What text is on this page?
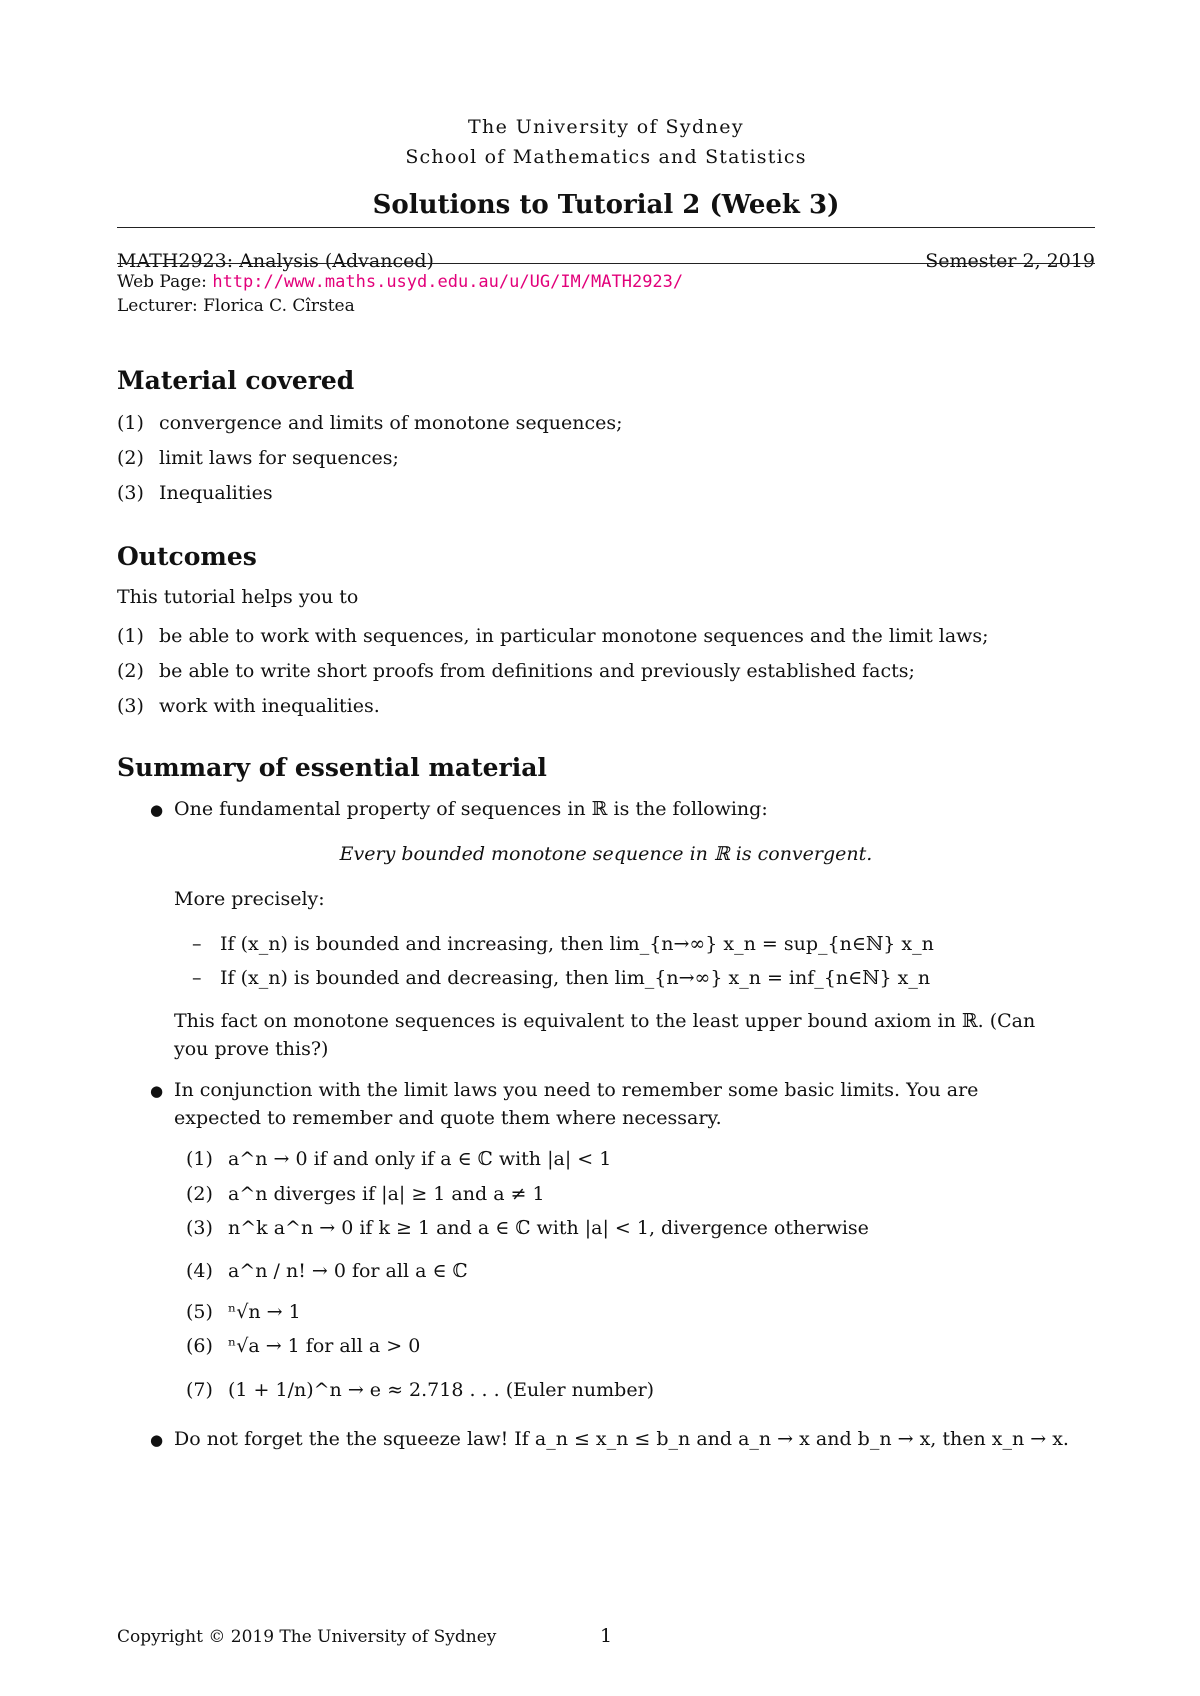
The University of Sydney
School of Mathematics and Statistics
Solutions to Tutorial 2 (Week 3)
MATH2923: Analysis (Advanced)	Semester 2, 2019
Web Page: http://www.maths.usyd.edu.au/u/UG/IM/MATH2923/
Lecturer: Florica C. Cîrstea
Material covered
(1) convergence and limits of monotone sequences;
(2) limit laws for sequences;
(3) Inequalities
Outcomes
This tutorial helps you to
(1) be able to work with sequences, in particular monotone sequences and the limit laws;
(2) be able to write short proofs from definitions and previously established facts;
(3) work with inequalities.
Summary of essential material
● One fundamental property of sequences in ℝ is the following:
Every bounded monotone sequence in ℝ is convergent.
More precisely:
– If (x_n) is bounded and increasing, then lim_{n→∞} x_n = sup_{n∈ℕ} x_n
– If (x_n) is bounded and decreasing, then lim_{n→∞} x_n = inf_{n∈ℕ} x_n
This fact on monotone sequences is equivalent to the least upper bound axiom in ℝ. (Can
you prove this?)
● In conjunction with the limit laws you need to remember some basic limits. You are
expected to remember and quote them where necessary.
(1) a^n → 0 if and only if a ∈ ℂ with |a| < 1
(2) a^n diverges if |a| ≥ 1 and a ≠ 1
(3) n^k a^n → 0 if k ≥ 1 and a ∈ ℂ with |a| < 1, divergence otherwise
(4) a^n / n! → 0 for all a ∈ ℂ
(5) ⁿ√n → 1
(6) ⁿ√a → 1 for all a > 0
(7) (1 + 1/n)^n → e ≈ 2.718 . . . (Euler number)
● Do not forget the the squeeze law! If a_n ≤ x_n ≤ b_n and a_n → x and b_n → x, then x_n → x.
Copyright © 2019 The University of Sydney	1
